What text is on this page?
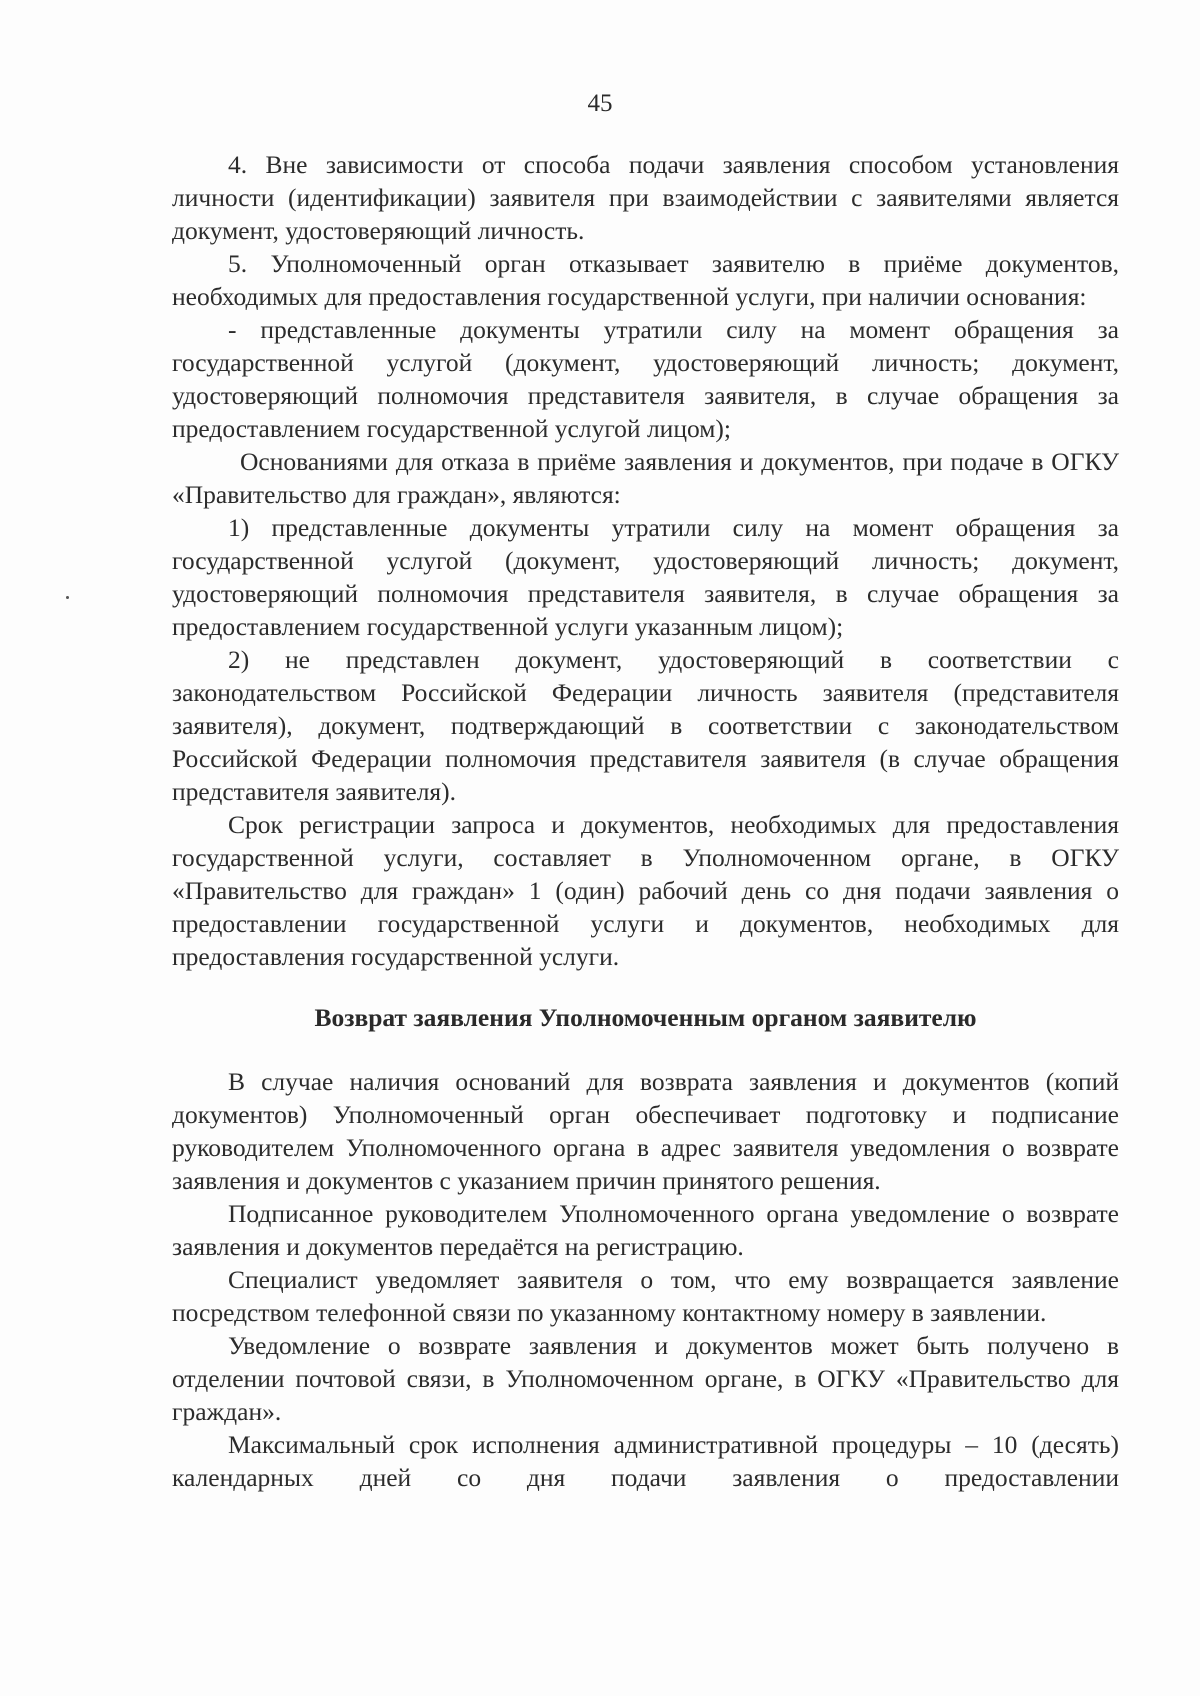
45

4. Вне зависимости от способа подачи заявления способом установления личности (идентификации) заявителя при взаимодействии с заявителями является документ, удостоверяющий личность.

5. Уполномоченный орган отказывает заявителю в приёме документов, необходимых для предоставления государственной услуги, при наличии основания:

- представленные документы утратили силу на момент обращения за государственной услугой (документ, удостоверяющий личность; документ, удостоверяющий полномочия представителя заявителя, в случае обращения за предоставлением государственной услугой лицом);

Основаниями для отказа в приёме заявления и документов, при подаче в ОГКУ «Правительство для граждан», являются:

1) представленные документы утратили силу на момент обращения за государственной услугой (документ, удостоверяющий личность; документ, удостоверяющий полномочия представителя заявителя, в случае обращения за предоставлением государственной услуги указанным лицом);

2) не представлен документ, удостоверяющий в соответствии с законодательством Российской Федерации личность заявителя (представителя заявителя), документ, подтверждающий в соответствии с законодательством Российской Федерации полномочия представителя заявителя (в случае обращения представителя заявителя).

Срок регистрации запроса и документов, необходимых для предоставления государственной услуги, составляет в Уполномоченном органе, в ОГКУ «Правительство для граждан» 1 (один) рабочий день со дня подачи заявления о предоставлении государственной услуги и документов, необходимых для предоставления государственной услуги.

Возврат заявления Уполномоченным органом заявителю

В случае наличия оснований для возврата заявления и документов (копий документов) Уполномоченный орган обеспечивает подготовку и подписание руководителем Уполномоченного органа в адрес заявителя уведомления о возврате заявления и документов с указанием причин принятого решения.

Подписанное руководителем Уполномоченного органа уведомление о возврате заявления и документов передаётся на регистрацию.

Специалист уведомляет заявителя о том, что ему возвращается заявление посредством телефонной связи по указанному контактному номеру в заявлении.

Уведомление о возврате заявления и документов может быть получено в отделении почтовой связи, в Уполномоченном органе, в ОГКУ «Правительство для граждан».

Максимальный срок исполнения административной процедуры – 10 (десять) календарных дней со дня подачи заявления о предоставлении
